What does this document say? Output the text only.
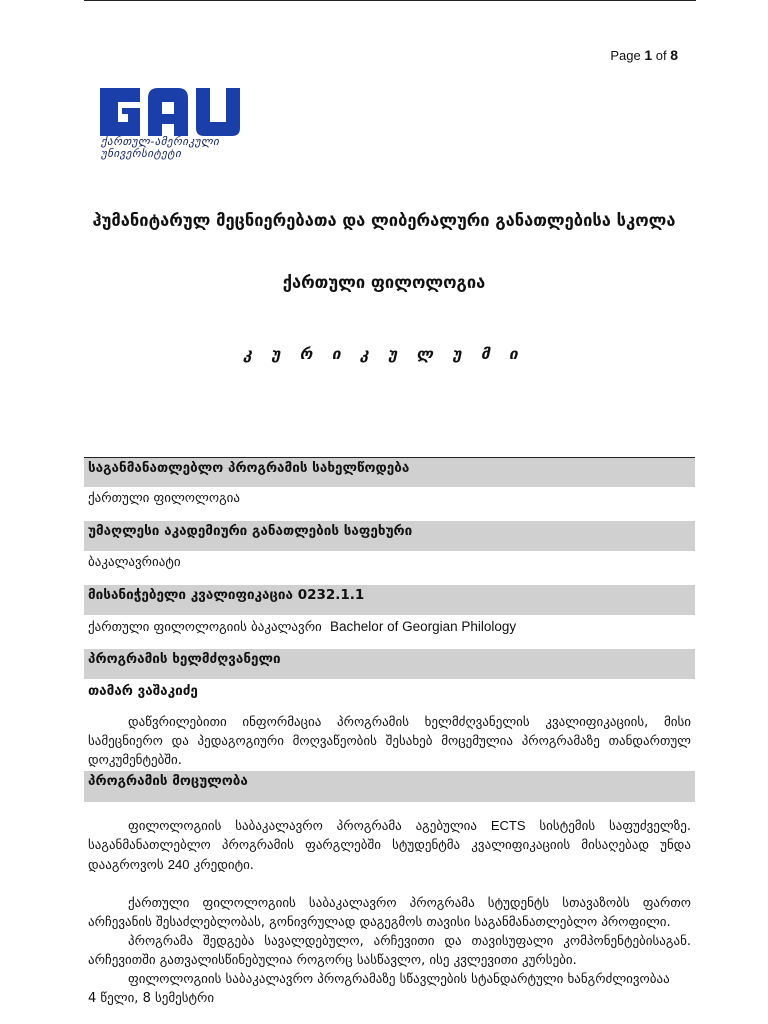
Page 1 of 8
ქართულ-ამერიკული
უნივერსიტეტი
ჰუმანიტარულ მეცნიერებათა და ლიბერალური განათლებისა სკოლა
ქართული ფილოლოგია
კ უ რ ი კ უ ლ უ მ ი
საგანმანათლებლო პროგრამის სახელწოდება
ქართული ფილოლოგია
უმაღლესი აკადემიური განათლების საფეხური
ბაკალავრიატი
მისანიჭებელი კვალიფიკაცია 0232.1.1
ქართული ფილოლოგიის ბაკალავრი Bachelor of Georgian Philology
პროგრამის ხელმძღვანელი
თამარ ვაშაკიძე
დაწვრილებითი ინფორმაცია პროგრამის ხელმძღვანელის კვალიფიკაციის, მისი სამეცნიერო და პედაგოგიური მოღვაწეობის შესახებ მოცემულია პროგრამაზე თანდართულ დოკუმენტებში.
პროგრამის მოცულობა
ფილოლოგიის საბაკალავრო პროგრამა აგებულია ECTS სისტემის საფუძველზე. საგანმანათლებლო პროგრამის ფარგლებში სტუდენტმა კვალიფიკაციის მისაღებად უნდა დააგროვოს 240 კრედიტი.
ქართული ფილოლოგიის საბაკალავრო პროგრამა სტუდენტს სთავაზობს ფართო არჩევანის შესაძლებლობას, გონივრულად დაგეგმოს თავისი საგანმანათლებლო პროფილი.
პროგრამა შედგება სავალდებულო, არჩევითი და თავისუფალი კომპონენტებისაგან. არჩევითში გათვალისწინებულია როგორც სასწავლო, ისე კვლევითი კურსები.
ფილოლოგიის საბაკალავრო პროგრამაზე სწავლების სტანდარტული ხანგრძლივობაა
4 წელი, 8 სემესტრი
